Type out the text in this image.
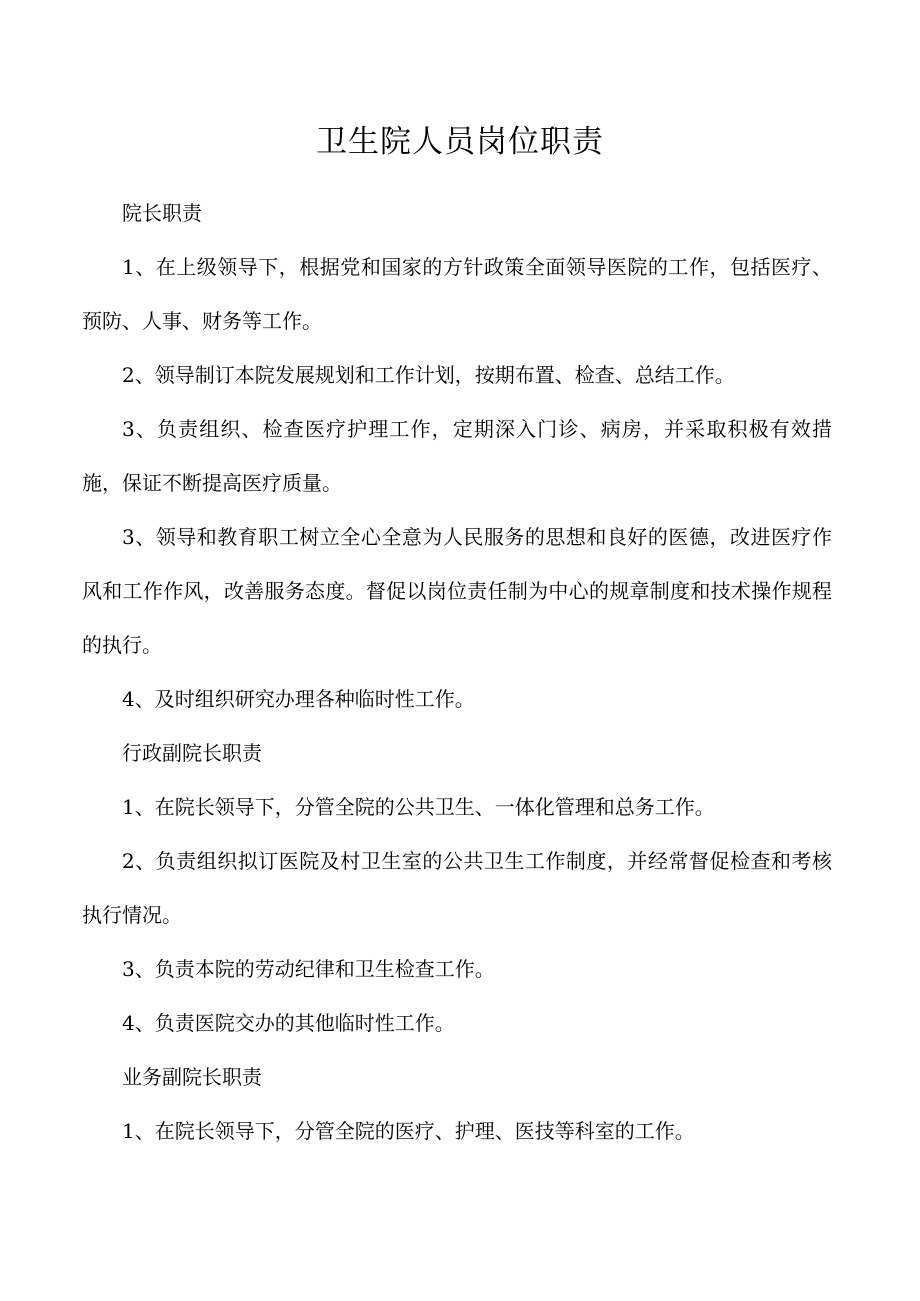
卫生院人员岗位职责

院长职责

1、在上级领导下，根据党和国家的方针政策全面领导医院的工作，包括医疗、预防、人事、财务等工作。

2、领导制订本院发展规划和工作计划，按期布置、检查、总结工作。

3、负责组织、检查医疗护理工作，定期深入门诊、病房，并采取积极有效措施，保证不断提高医疗质量。

3、领导和教育职工树立全心全意为人民服务的思想和良好的医德，改进医疗作风和工作作风，改善服务态度。督促以岗位责任制为中心的规章制度和技术操作规程的执行。

4、及时组织研究办理各种临时性工作。

行政副院长职责

1、在院长领导下，分管全院的公共卫生、一体化管理和总务工作。

2、负责组织拟订医院及村卫生室的公共卫生工作制度，并经常督促检查和考核执行情况。

3、负责本院的劳动纪律和卫生检查工作。

4、负责医院交办的其他临时性工作。

业务副院长职责

1、在院长领导下，分管全院的医疗、护理、医技等科室的工作。
